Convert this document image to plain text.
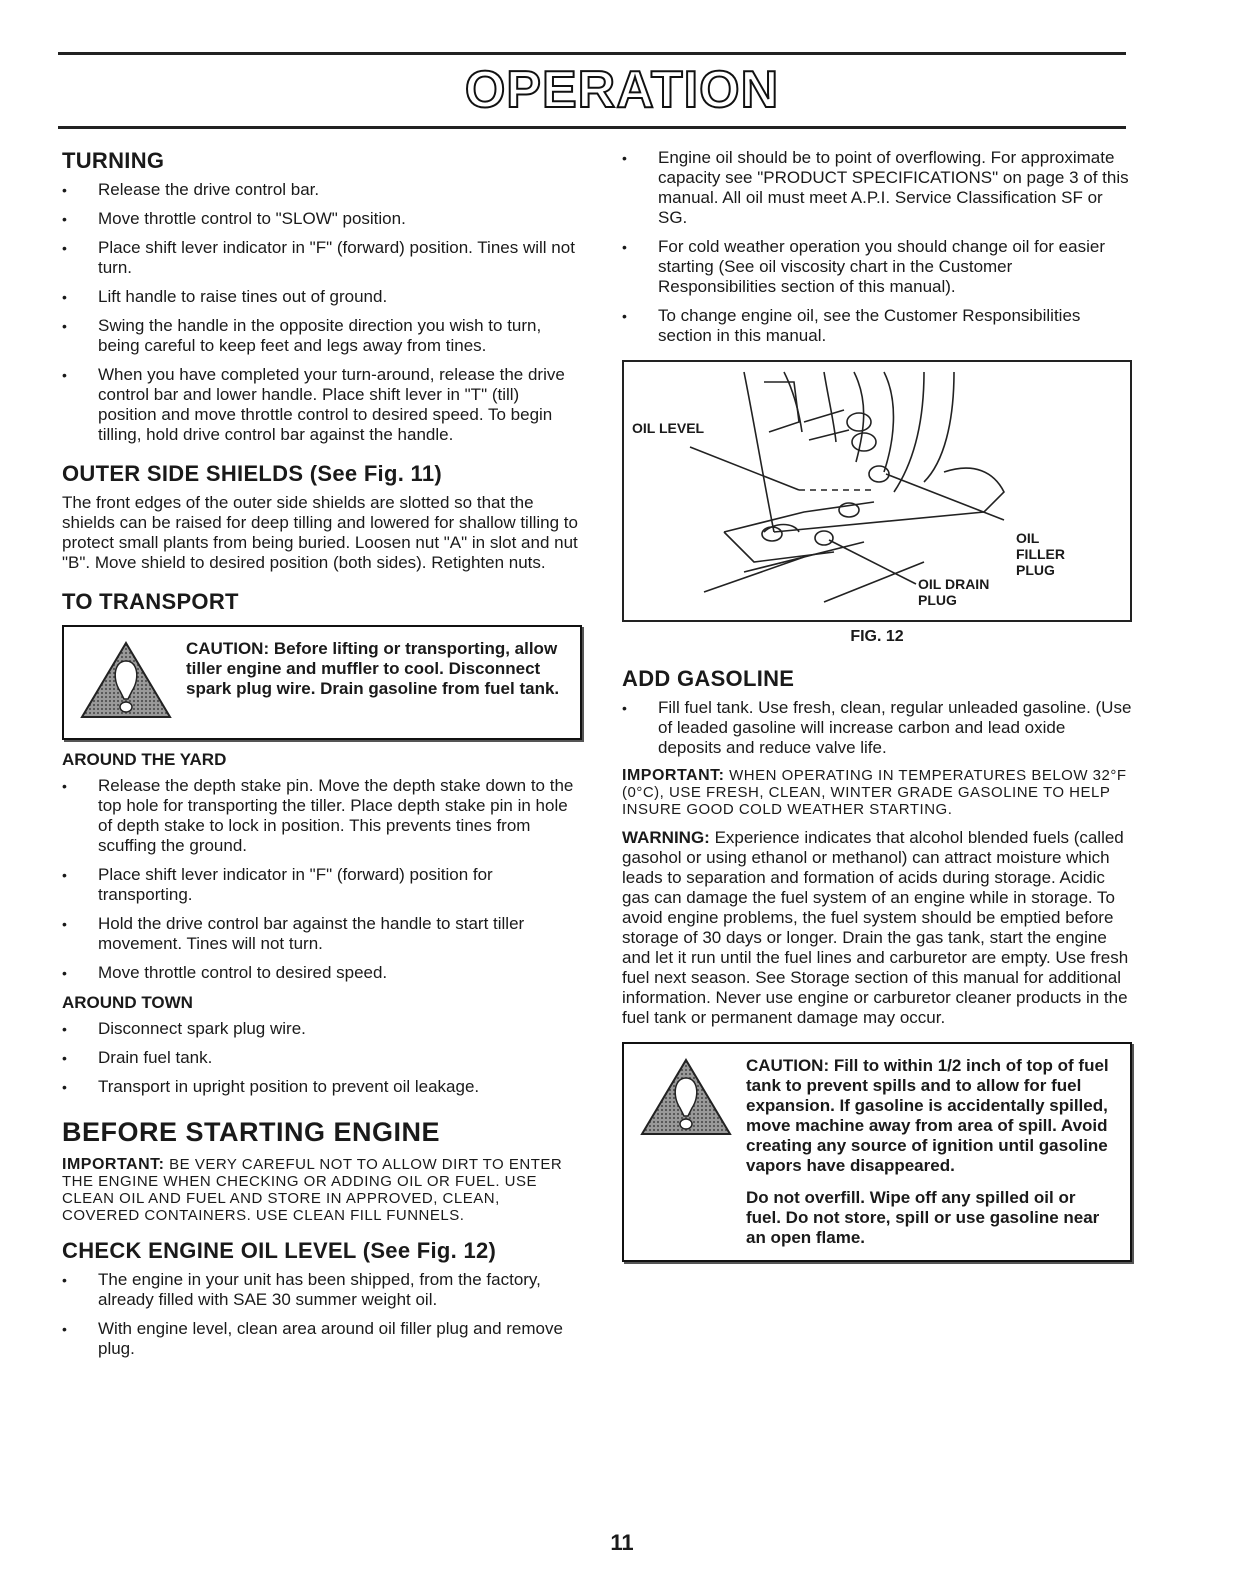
OPERATION
TURNING
• Release the drive control bar.
• Move throttle control to "SLOW" position.
• Place shift lever indicator in "F" (forward) position. Tines will not turn.
• Lift handle to raise tines out of ground.
• Swing the handle in the opposite direction you wish to turn, being careful to keep feet and legs away from tines.
• When you have completed your turn-around, release the drive control bar and lower handle. Place shift lever in "T" (till) position and move throttle control to desired speed. To begin tilling, hold drive control bar against the handle.
OUTER SIDE SHIELDS (See Fig. 11)

The front edges of the outer side shields are slotted so that the shields can be raised for deep tilling and lowered for shallow tilling to protect small plants from being buried. Loosen nut "A" in slot and nut "B". Move shield to desired position (both sides). Retighten nuts.

TO TRANSPORT
CAUTION: Before lifting or transporting, allow tiller engine and muffler to cool. Disconnect spark plug wire. Drain gasoline from fuel tank.
AROUND THE YARD
• Release the depth stake pin. Move the depth stake down to the top hole for transporting the tiller. Place depth stake pin in hole of depth stake to lock in position. This prevents tines from scuffing the ground.
• Place shift lever indicator in "F" (forward) position for transporting.
• Hold the drive control bar against the handle to start tiller movement. Tines will not turn.
• Move throttle control to desired speed.
AROUND TOWN
• Disconnect spark plug wire.
• Drain fuel tank.
• Transport in upright position to prevent oil leakage.
BEFORE STARTING ENGINE

IMPORTANT: BE VERY CAREFUL NOT TO ALLOW DIRT TO ENTER THE ENGINE WHEN CHECKING OR ADDING OIL OR FUEL. USE CLEAN OIL AND FUEL AND STORE IN APPROVED, CLEAN, COVERED CONTAINERS. USE CLEAN FILL FUNNELS.

CHECK ENGINE OIL LEVEL (See Fig. 12)
• The engine in your unit has been shipped, from the factory, already filled with SAE 30 summer weight oil.
• With engine level, clean area around oil filler plug and remove plug.
• Engine oil should be to point of overflowing. For approximate capacity see "PRODUCT SPECIFICATIONS" on page 3 of this manual. All oil must meet A.P.I. Service Classification SF or SG.
• For cold weather operation you should change oil for easier starting (See oil viscosity chart in the Customer Responsibilities section of this manual).
• To change engine oil, see the Customer Responsibilities section in this manual.
OIL LEVEL
OIL FILLER PLUG
OIL DRAIN PLUG
FIG. 12
ADD GASOLINE
• Fill fuel tank. Use fresh, clean, regular unleaded gasoline. (Use of leaded gasoline will increase carbon and lead oxide deposits and reduce valve life.

IMPORTANT: WHEN OPERATING IN TEMPERATURES BELOW 32°F (0°C), USE FRESH, CLEAN, WINTER GRADE GASOLINE TO HELP INSURE GOOD COLD WEATHER STARTING.

WARNING: Experience indicates that alcohol blended fuels (called gasohol or using ethanol or methanol) can attract moisture which leads to separation and formation of acids during storage. Acidic gas can damage the fuel system of an engine while in storage. To avoid engine problems, the fuel system should be emptied before storage of 30 days or longer. Drain the gas tank, start the engine and let it run until the fuel lines and carburetor are empty. Use fresh fuel next season. See Storage section of this manual for additional information. Never use engine or carburetor cleaner products in the fuel tank or permanent damage may occur.

CAUTION: Fill to within 1/2 inch of top of fuel tank to prevent spills and to allow for fuel expansion. If gasoline is accidentally spilled, move machine away from area of spill. Avoid creating any source of ignition until gasoline vapors have disappeared.

Do not overfill. Wipe off any spilled oil or fuel. Do not store, spill or use gasoline near an open flame.

11
